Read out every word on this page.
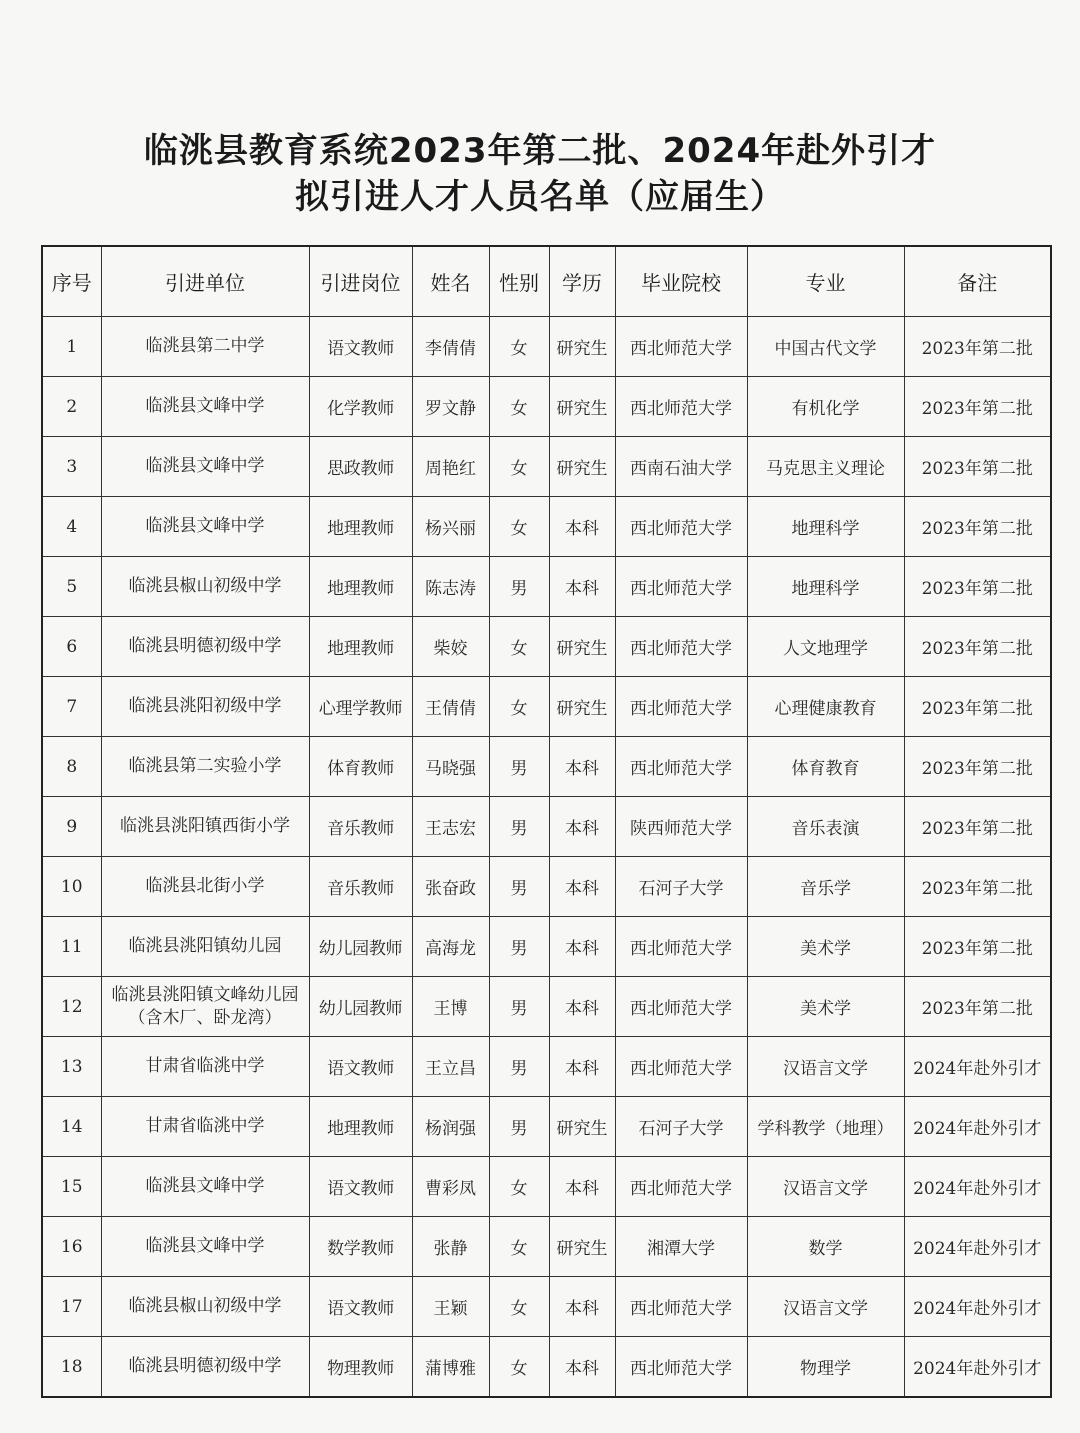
临洮县教育系统2023年第二批、2024年赴外引才
拟引进人才人员名单（应届生）
序号	引进单位	引进岗位	姓名	性别	学历	毕业院校	专业	备注
1	临洮县第二中学	语文教师	李倩倩	女	研究生	西北师范大学	中国古代文学	2023年第二批
2	临洮县文峰中学	化学教师	罗文静	女	研究生	西北师范大学	有机化学	2023年第二批
3	临洮县文峰中学	思政教师	周艳红	女	研究生	西南石油大学	马克思主义理论	2023年第二批
4	临洮县文峰中学	地理教师	杨兴丽	女	本科	西北师范大学	地理科学	2023年第二批
5	临洮县椒山初级中学	地理教师	陈志涛	男	本科	西北师范大学	地理科学	2023年第二批
6	临洮县明德初级中学	地理教师	柴姣	女	研究生	西北师范大学	人文地理学	2023年第二批
7	临洮县洮阳初级中学	心理学教师	王倩倩	女	研究生	西北师范大学	心理健康教育	2023年第二批
8	临洮县第二实验小学	体育教师	马晓强	男	本科	西北师范大学	体育教育	2023年第二批
9	临洮县洮阳镇西街小学	音乐教师	王志宏	男	本科	陕西师范大学	音乐表演	2023年第二批
10	临洮县北街小学	音乐教师	张奋政	男	本科	石河子大学	音乐学	2023年第二批
11	临洮县洮阳镇幼儿园	幼儿园教师	高海龙	男	本科	西北师范大学	美术学	2023年第二批
12	临洮县洮阳镇文峰幼儿园
（含木厂、卧龙湾）	幼儿园教师	王博	男	本科	西北师范大学	美术学	2023年第二批
13	甘肃省临洮中学	语文教师	王立昌	男	本科	西北师范大学	汉语言文学	2024年赴外引才
14	甘肃省临洮中学	地理教师	杨润强	男	研究生	石河子大学	学科教学（地理）	2024年赴外引才
15	临洮县文峰中学	语文教师	曹彩凤	女	本科	西北师范大学	汉语言文学	2024年赴外引才
16	临洮县文峰中学	数学教师	张静	女	研究生	湘潭大学	数学	2024年赴外引才
17	临洮县椒山初级中学	语文教师	王颖	女	本科	西北师范大学	汉语言文学	2024年赴外引才
18	临洮县明德初级中学	物理教师	蒲博雅	女	本科	西北师范大学	物理学	2024年赴外引才
